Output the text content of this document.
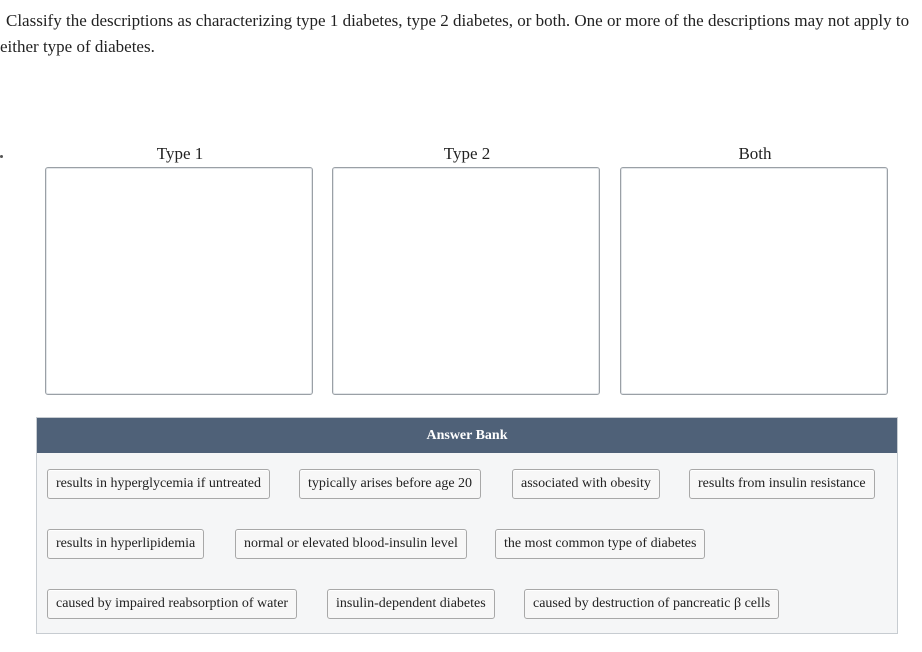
Classify the descriptions as characterizing type 1 diabetes, type 2 diabetes, or both. One or more of the descriptions may not apply to either type of diabetes.
Type 1	Type 2	Both
Answer Bank
results in hyperglycemia if untreated	typically arises before age 20	associated with obesity	results from insulin resistance
results in hyperlipidemia	normal or elevated blood-insulin level	the most common type of diabetes
caused by impaired reabsorption of water	insulin-dependent diabetes	caused by destruction of pancreatic β cells
